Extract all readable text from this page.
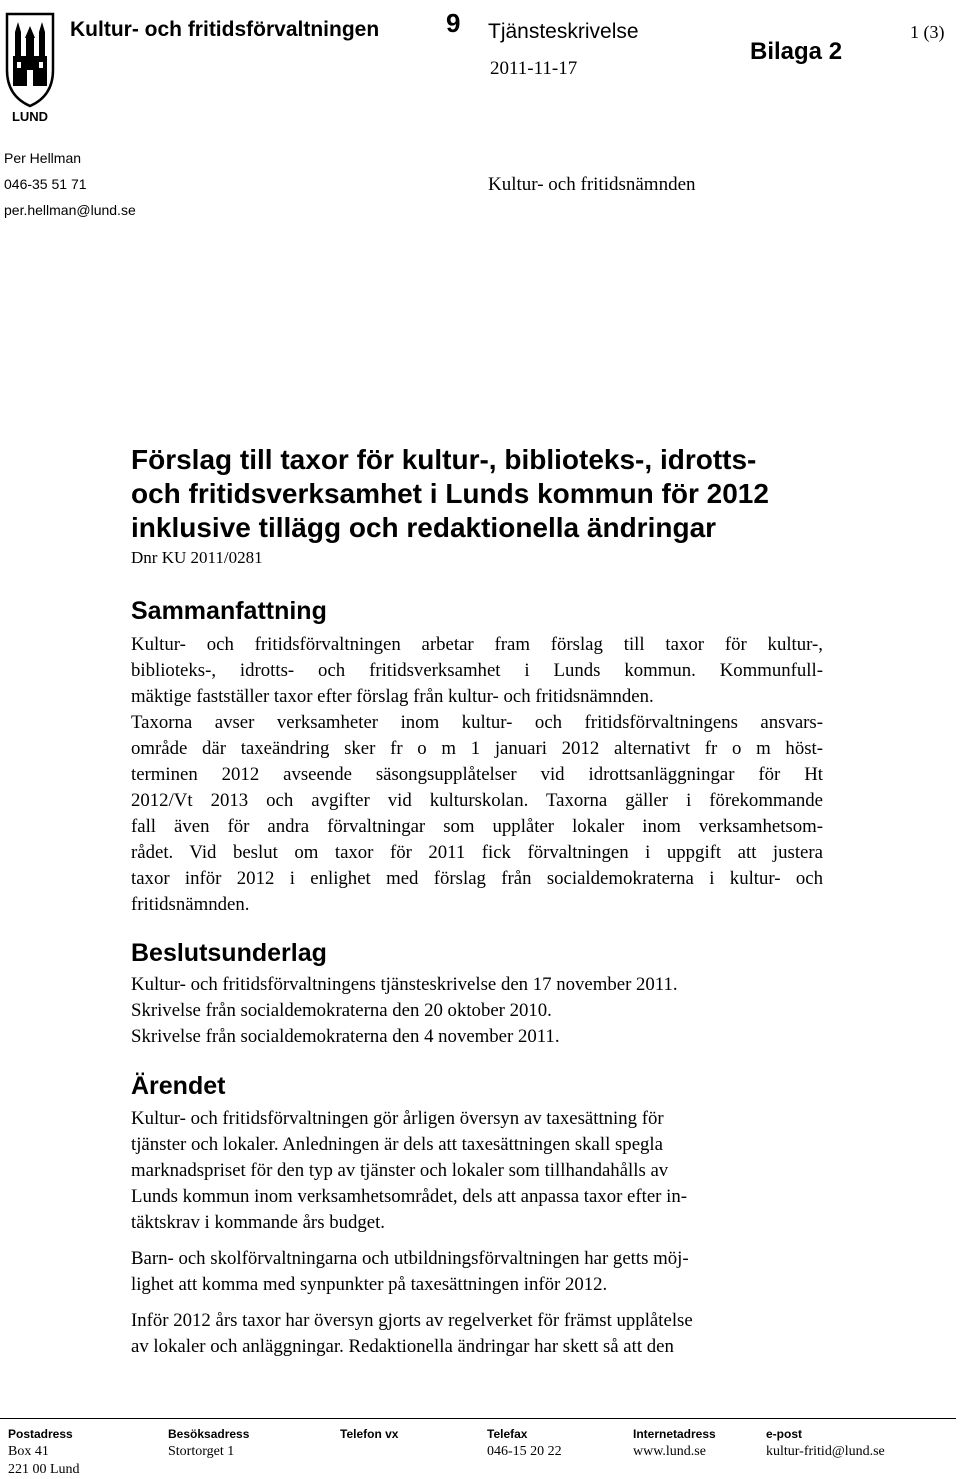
LUND
Kultur- och fritidsförvaltningen	9 Tjänsteskrivelse
2011-11-17
Bilaga 2
1 (3)
Per Hellman
046-35 51 71
per.hellman@lund.se
Kultur- och fritidsnämnden
Förslag till taxor för kultur-, biblioteks-, idrotts-
och fritidsverksamhet i Lunds kommun för 2012
inklusive tillägg och redaktionella ändringar
Dnr KU 2011/0281
Sammanfattning
Kultur- och fritidsförvaltningen arbetar fram förslag till taxor för kultur-,
biblioteks-, idrotts- och fritidsverksamhet i Lunds kommun. Kommunfull-
mäktige fastställer taxor efter förslag från kultur- och fritidsnämnden.
Taxorna avser verksamheter inom kultur- och fritidsförvaltningens ansvars-
område där taxeändring sker fr o m 1 januari 2012 alternativt fr o m höst-
terminen 2012 avseende säsongsupplåtelser vid idrottsanläggningar för Ht
2012/Vt 2013 och avgifter vid kulturskolan. Taxorna gäller i förekommande
fall även för andra förvaltningar som upplåter lokaler inom verksamhetsom-
rådet. Vid beslut om taxor för 2011 fick förvaltningen i uppgift att justera
taxor inför 2012 i enlighet med förslag från socialdemokraterna i kultur- och
fritidsnämnden.
Beslutsunderlag
Kultur- och fritidsförvaltningens tjänsteskrivelse den 17 november 2011.
Skrivelse från socialdemokraterna den 20 oktober 2010.
Skrivelse från socialdemokraterna den 4 november 2011.
Ärendet
Kultur- och fritidsförvaltningen gör årligen översyn av taxesättning för
tjänster och lokaler. Anledningen är dels att taxesättningen skall spegla
marknadspriset för den typ av tjänster och lokaler som tillhandahålls av
Lunds kommun inom verksamhetsområdet, dels att anpassa taxor efter in-
täktskrav i kommande års budget.
Barn- och skolförvaltningarna och utbildningsförvaltningen har getts möj-
lighet att komma med synpunkter på taxesättningen inför 2012.
Inför 2012 års taxor har översyn gjorts av regelverket för främst upplåtelse
av lokaler och anläggningar. Redaktionella ändringar har skett så att den
Postadress
Box 41
221 00 Lund
Besöksadress
Stortorget 1
Telefon vx	Telefax
046-15 20 22
Internetadress
www.lund.se
e-post
kultur-fritid@lund.se
